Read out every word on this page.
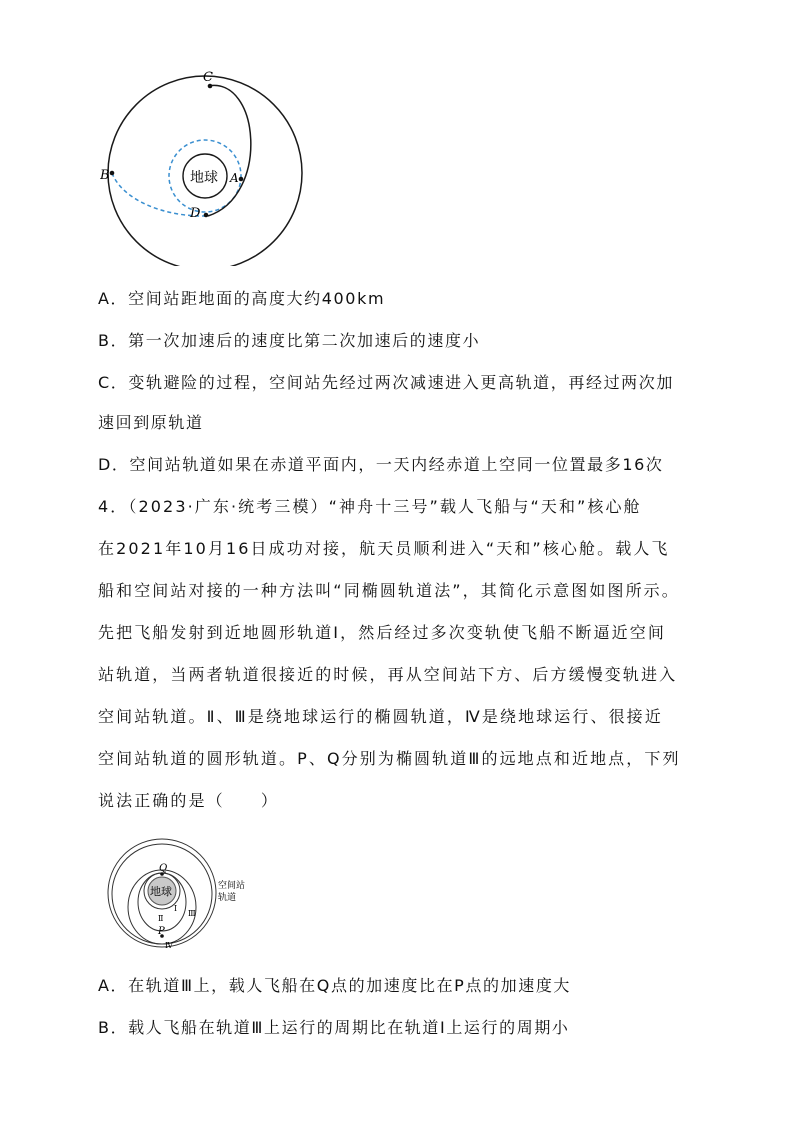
C
B	A
D
地球
A．空间站距地面的高度大约400km
B．第一次加速后的速度比第二次加速后的速度小
C．变轨避险的过程，空间站先经过两次减速进入更高轨道，再经过两次加
速回到原轨道
D．空间站轨道如果在赤道平面内，一天内经赤道上空同一位置最多16次
4．（2023·广东·统考三模）“神舟十三号”载人飞船与“天和”核心舱
在2021年10月16日成功对接，航天员顺利进入“天和”核心舱。载人飞
船和空间站对接的一种方法叫“同椭圆轨道法”，其简化示意图如图所示。
先把飞船发射到近地圆形轨道Ⅰ，然后经过多次变轨使飞船不断逼近空间
站轨道，当两者轨道很接近的时候，再从空间站下方、后方缓慢变轨进入
空间站轨道。Ⅱ、Ⅲ是绕地球运行的椭圆轨道，Ⅳ是绕地球运行、很接近
空间站轨道的圆形轨道。P、Q分别为椭圆轨道Ⅲ的远地点和近地点，下列
说法正确的是（　　）
地球
Q
P
Ⅰ
Ⅱ
Ⅲ
Ⅳ
空间站
轨道
A．在轨道Ⅲ上，载人飞船在Q点的加速度比在P点的加速度大
B．载人飞船在轨道Ⅲ上运行的周期比在轨道Ⅰ上运行的周期小
